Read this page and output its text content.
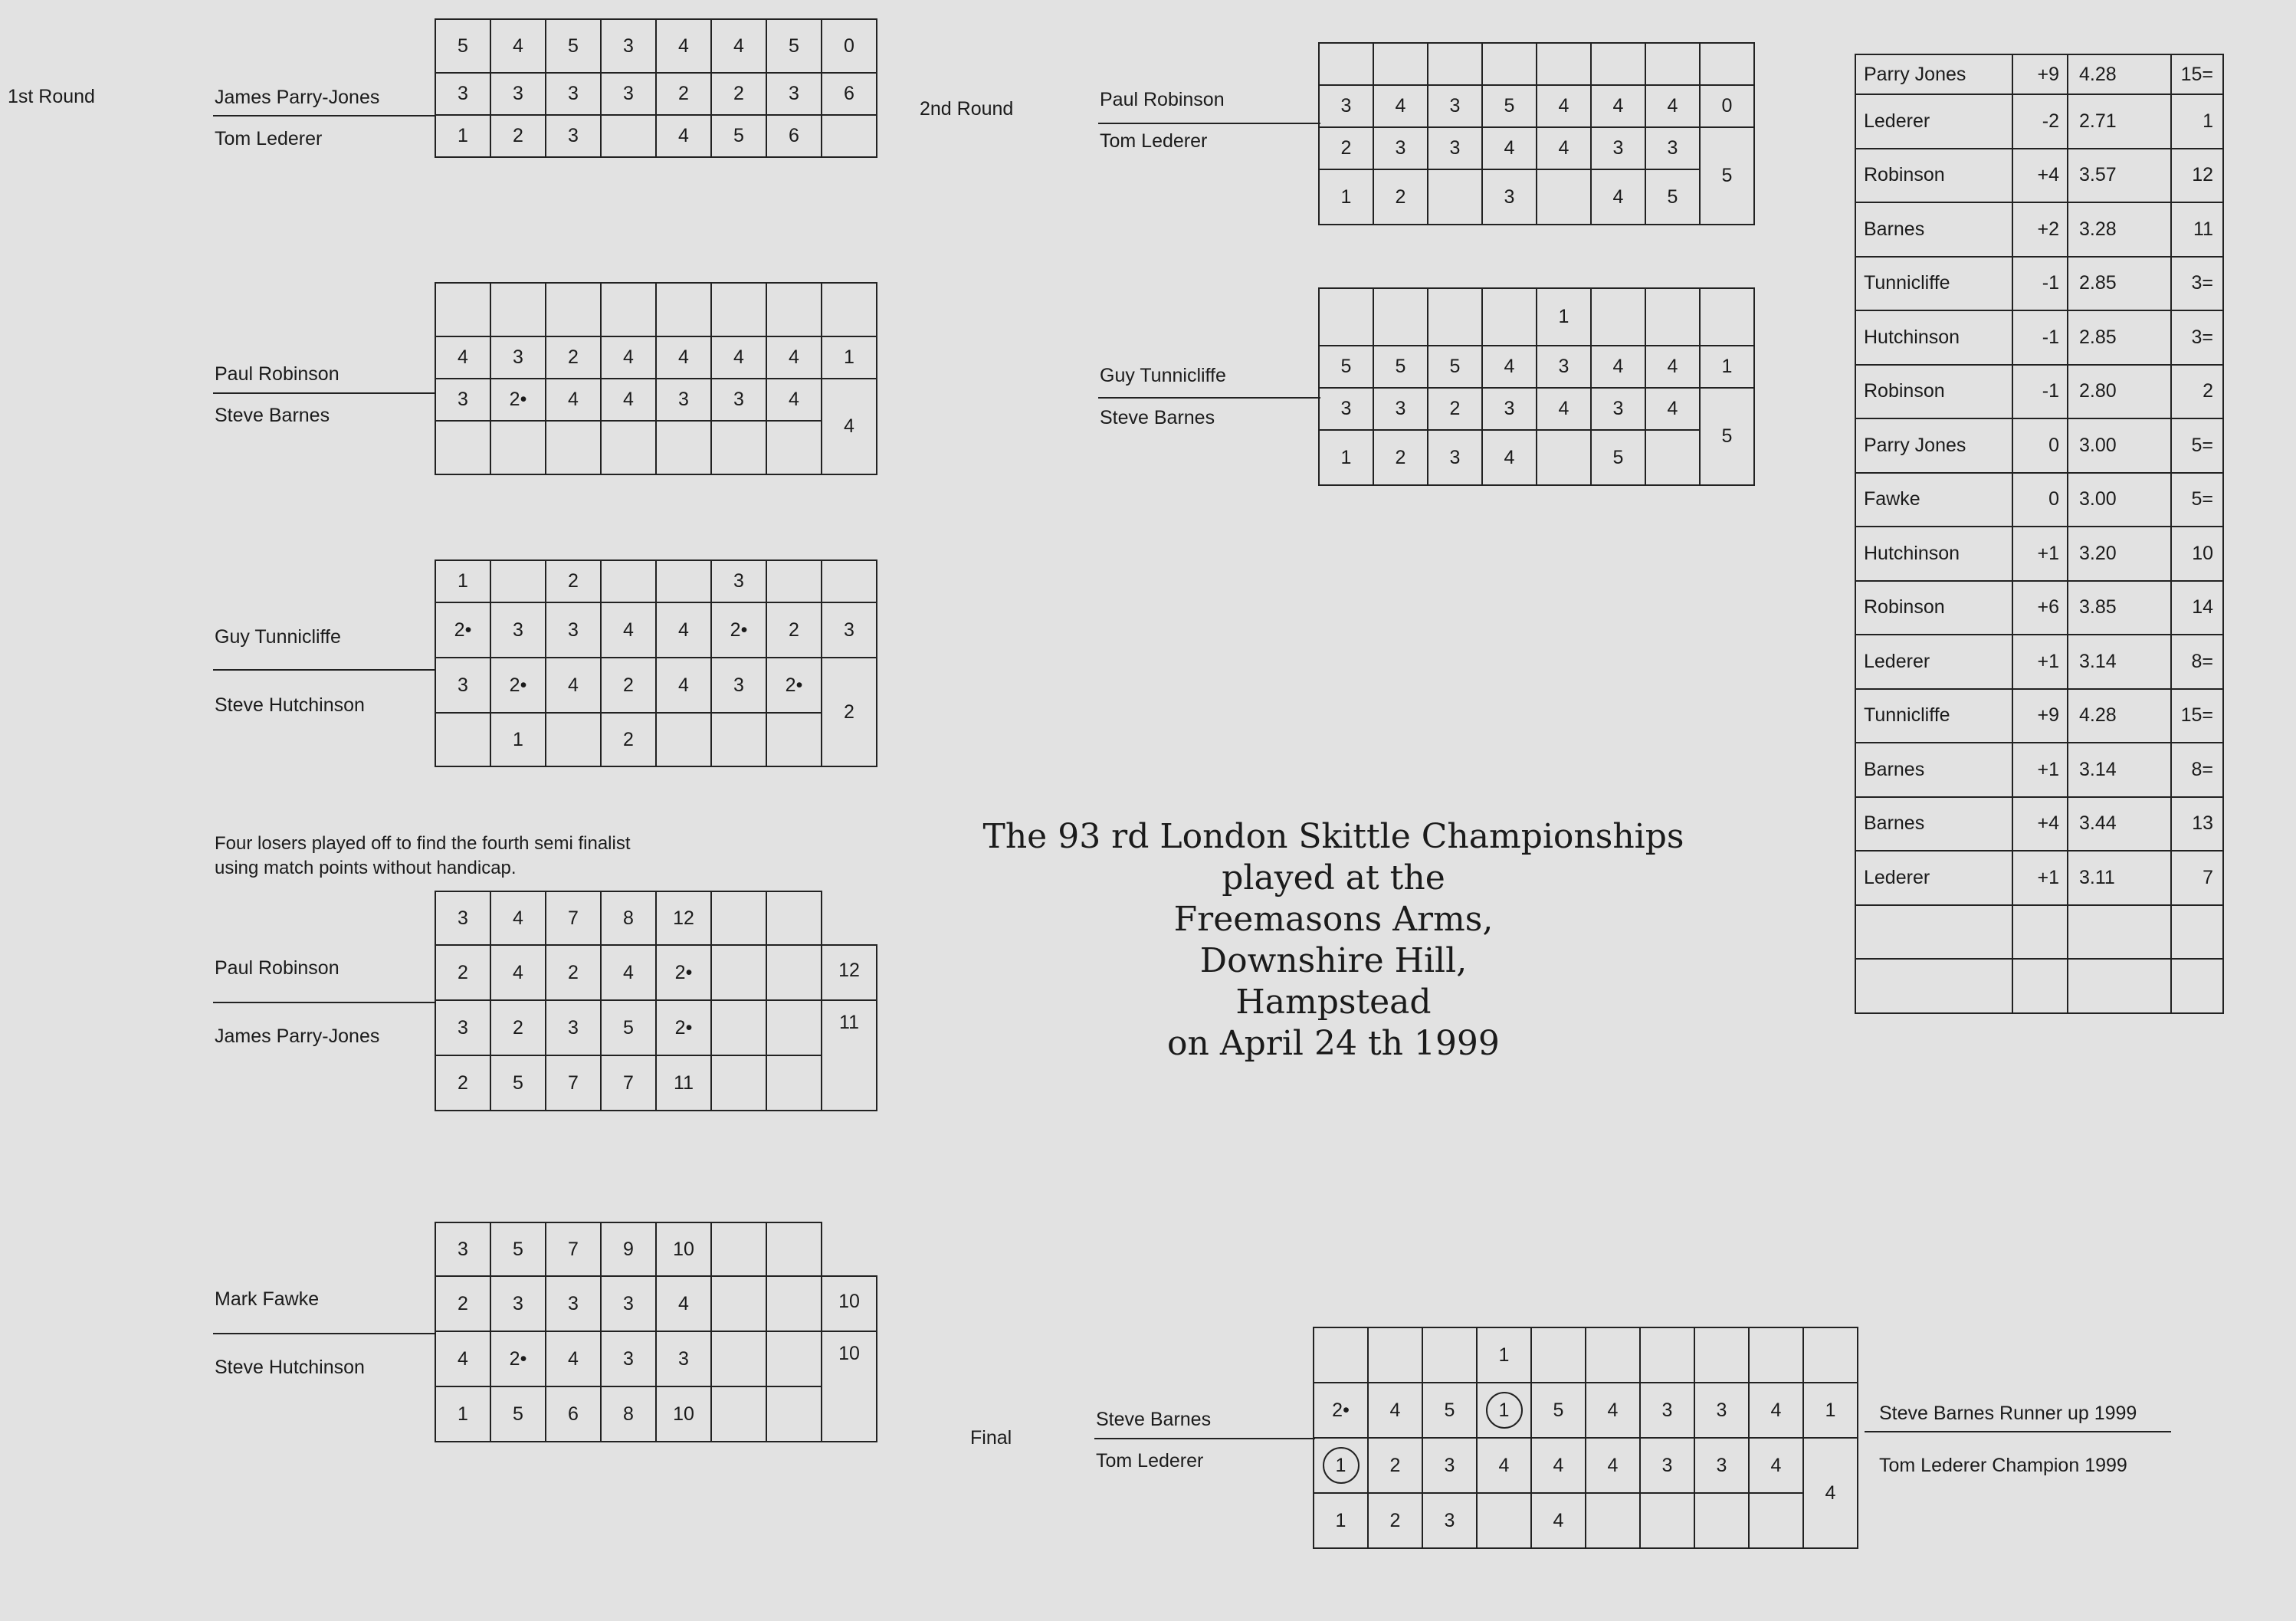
1st Round
2nd Round
Final
James Parry-Jones
Tom Lederer
5	4	5	3	4	4	5	0
3	3	3	3	2	2	3	6
1	2	3		4	5	6	
Paul Robinson
Steve Barnes

4	3	2	4	4	4	4	1
3	2•	4	4	3	3	4	4

Guy Tunnicliffe
Steve Hutchinson
1		2			3		
2•	3	3	4	4	2•	2	3
3	2•	4	2	4	3	2•	2
	1		2				
Four losers played off to find the fourth semi finalist
using match points without handicap.
Paul Robinson
James Parry-Jones
3	4	7	8	12			
2	4	2	4	2•			12
3	2	3	5	2•			11
2	5	7	7	11			
Mark Fawke
Steve Hutchinson
3	5	7	9	10			
2	3	3	3	4			10
4	2•	4	3	3			10
1	5	6	8	10			
Paul Robinson
Tom Lederer

3	4	3	5	4	4	4	0
2	3	3	4	4	3	3	5
1	2		3		4	5	
Guy Tunnicliffe
Steve Barnes
				1			
5	5	5	4	3	4	4	1
3	3	2	3	4	3	4	5
1	2	3	4		5		
The 93 rd London Skittle Championships
played at the
Freemasons Arms,
Downshire Hill,
Hampstead
on April 24 th 1999
Steve Barnes
Tom Lederer
			1						
2•	4	5	1	5	4	3	3	4	1
1	2	3	4	4	4	3	3	4	4
1	2	3		4					
Steve Barnes Runner up 1999
Tom Lederer Champion 1999
Parry Jones	+9	4.28	15=
Lederer	-2	2.71	1
Robinson	+4	3.57	12
Barnes	+2	3.28	11
Tunnicliffe	-1	2.85	3=
Hutchinson	-1	2.85	3=
Robinson	-1	2.80	2
Parry Jones	0	3.00	5=
Fawke	0	3.00	5=
Hutchinson	+1	3.20	10
Robinson	+6	3.85	14
Lederer	+1	3.14	8=
Tunnicliffe	+9	4.28	15=
Barnes	+1	3.14	8=
Barnes	+4	3.44	13
Lederer	+1	3.11	7
